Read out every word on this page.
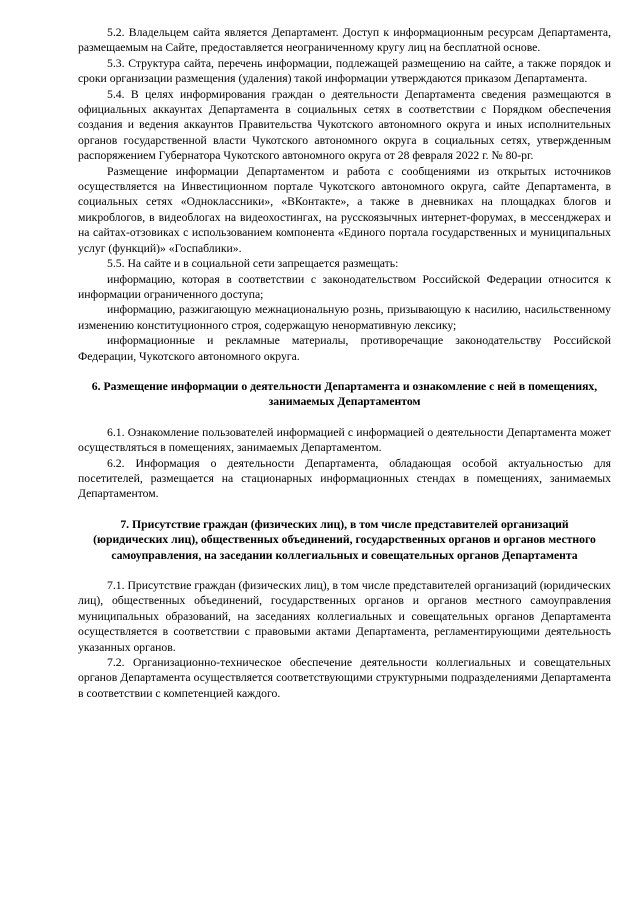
5.2. Владельцем сайта является Департамент. Доступ к информационным ресурсам Департамента, размещаемым на Сайте, предоставляется неограниченному кругу лиц на бесплатной основе.

5.3. Структура сайта, перечень информации, подлежащей размещению на сайте, а также порядок и сроки организации размещения (удаления) такой информации утверждаются приказом Департамента.

5.4. В целях информирования граждан о деятельности Департамента сведения размещаются в официальных аккаунтах Департамента в социальных сетях в соответствии с Порядком обеспечения создания и ведения аккаунтов Правительства Чукотского автономного округа и иных исполнительных органов государственной власти Чукотского автономного округа в социальных сетях, утвержденным распоряжением Губернатора Чукотского автономного округа от 28 февраля 2022 г. № 80-рг.

Размещение информации Департаментом и работа с сообщениями из открытых источников осуществляется на Инвестиционном портале Чукотского автономного округа, сайте Департамента, в социальных сетях «Одноклассники», «ВКонтакте», а также в дневниках на площадках блогов и микроблогов, в видеоблогах на видеохостингах, на русскоязычных интернет-форумах, в мессенджерах и на сайтах-отзовиках с использованием компонента «Единого портала государственных и муниципальных услуг (функций)» «Госпаблики».

5.5. На сайте и в социальной сети запрещается размещать:

информацию, которая в соответствии с законодательством Российской Федерации относится к информации ограниченного доступа;

информацию, разжигающую межнациональную рознь, призывающую к насилию, насильственному изменению конституционного строя, содержащую ненормативную лексику;

информационные и рекламные материалы, противоречащие законодательству Российской Федерации, Чукотского автономного округа.

6. Размещение информации о деятельности Департамента и ознакомление с ней в помещениях, занимаемых Департаментом

6.1. Ознакомление пользователей информацией с информацией о деятельности Департамента может осуществляться в помещениях, занимаемых Департаментом.

6.2. Информация о деятельности Департамента, обладающая особой актуальностью для посетителей, размещается на стационарных информационных стендах в помещениях, занимаемых Департаментом.

7. Присутствие граждан (физических лиц), в том числе представителей организаций (юридических лиц), общественных объединений, государственных органов и органов местного самоуправления, на заседании коллегиальных и совещательных органов Департамента

7.1. Присутствие граждан (физических лиц), в том числе представителей организаций (юридических лиц), общественных объединений, государственных органов и органов местного самоуправления муниципальных образований, на заседаниях коллегиальных и совещательных органов Департамента осуществляется в соответствии с правовыми актами Департамента, регламентирующими деятельность указанных органов.

7.2. Организационно-техническое обеспечение деятельности коллегиальных и совещательных органов Департамента осуществляется соответствующими структурными подразделениями Департамента в соответствии с компетенцией каждого.
